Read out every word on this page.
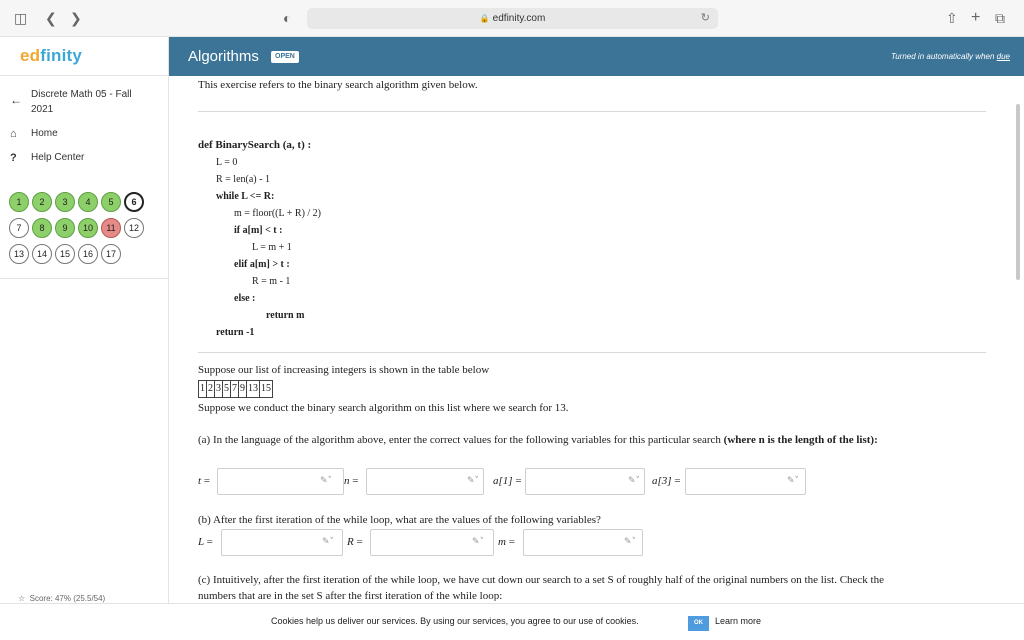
◫ ❮ ❯	◐	🔒 edfinity.com	↻	⇧ + ⧉
edfinity
← Discrete Math 05 - Fall 2021
⌂ Home
? Help Center
1	2	3	4	5	6
7	8	9	10	11	12
13	14	15	16	17
☆  Score: 47% (25.5/54)
Algorithms	OPEN	Turned in automatically when due
This exercise refers to the binary search algorithm given below.
def BinarySearch (a, t) :
L = 0
R = len(a) - 1
while L <= R:
m = floor((L + R) / 2)
if a[m] < t :
L = m + 1
elif a[m] > t :
R = m - 1
else :
return m
return -1
Suppose our list of increasing integers is shown in the table below
1	2	3	5	7	9	13	15
Suppose we conduct the binary search algorithm on this list where we search for 13.
(a) In the language of the algorithm above, enter the correct values for the following variables for this particular search (where n is the length of the list):
t =	✎˅ n =	✎˅ a[1] =	✎˅ a[3] =	✎˅
(b) After the first iteration of the while loop, what are the values of the following variables?
L =	✎˅ R =	✎˅ m =	✎˅
(c) Intuitively, after the first iteration of the while loop, we have cut down our search to a set S of roughly half of the original numbers on the list. Check the
numbers that are in the set S after the first iteration of the while loop:
Cookies help us deliver our services. By using our services, you agree to our use of cookies.	OK	Learn more
